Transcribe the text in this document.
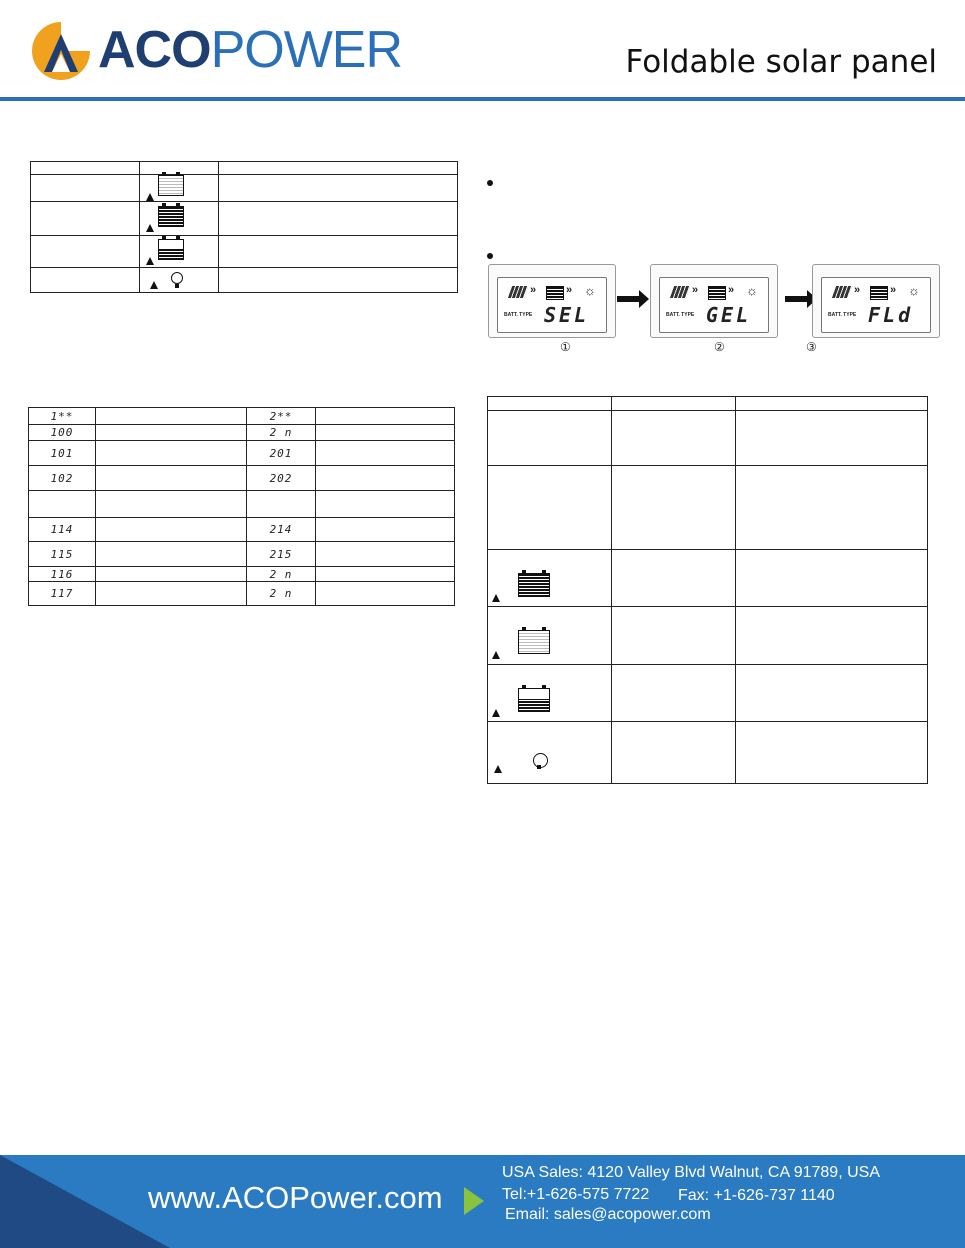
ACOPOWER	Foldable solar panel

1**		2**	
100		2 n	
101		201	
102		202	

114		214	
115		215	
116		2 n	
117		2 n	
»	» ☼
BATT. TYPE SEL
»	» ☼
BATT. TYPE GEL
»	» ☼
BATT. TYPE FLd
①	②	③

www.ACOPower.com
USA Sales: 4120 Valley Blvd Walnut, CA 91789, USA
Tel:+1-626-575 7722 Fax: +1-626-737 1140
Email: sales@acopower.com
